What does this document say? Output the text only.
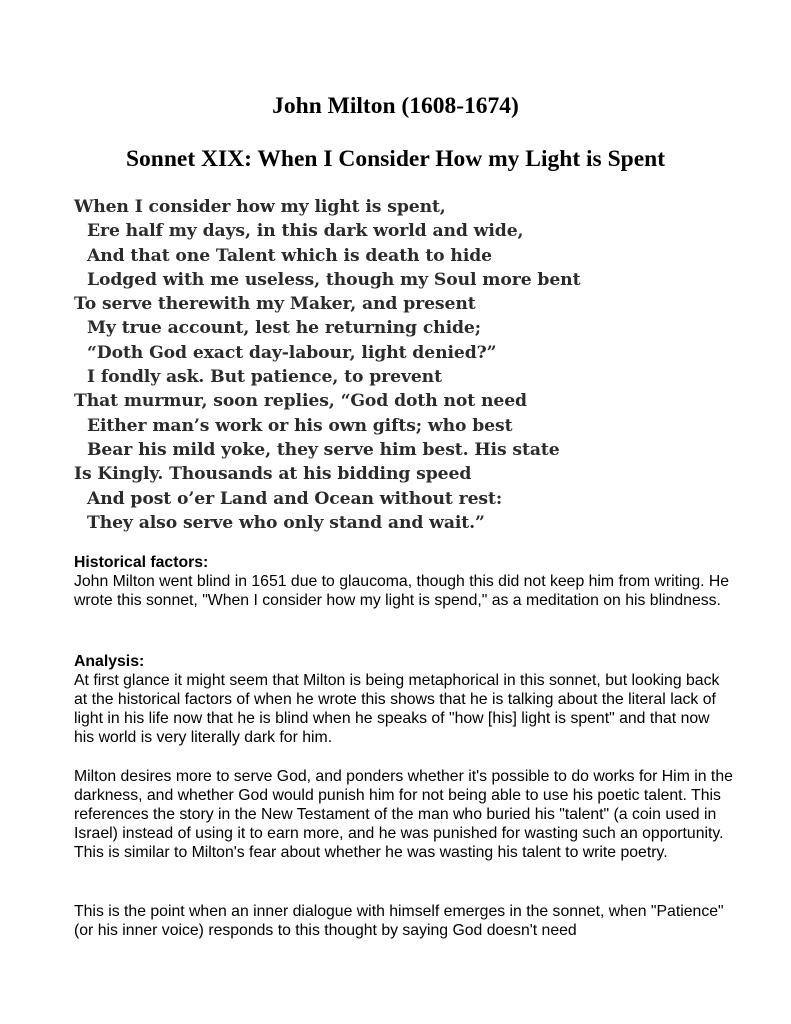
John Milton (1608-1674)
Sonnet XIX: When I Consider How my Light is Spent
When I consider how my light is spent,
Ere half my days, in this dark world and wide,
And that one Talent which is death to hide
Lodged with me useless, though my Soul more bent
To serve therewith my Maker, and present
My true account, lest he returning chide;
“Doth God exact day-labour, light denied?”
I fondly ask. But patience, to prevent
That murmur, soon replies, “God doth not need
Either man’s work or his own gifts; who best
Bear his mild yoke, they serve him best. His state
Is Kingly. Thousands at his bidding speed
And post o’er Land and Ocean without rest:
They also serve who only stand and wait.”
Historical factors:
John Milton went blind in 1651 due to glaucoma, though this did not keep him from writing. He wrote this sonnet, "When I consider how my light is spend," as a meditation on his blindness.
Analysis:
At first glance it might seem that Milton is being metaphorical in this sonnet, but looking back at the historical factors of when he wrote this shows that he is talking about the literal lack of light in his life now that he is blind when he speaks of "how [his] light is spent" and that now his world is very literally dark for him.
Milton desires more to serve God, and ponders whether it's possible to do works for Him in the darkness, and whether God would punish him for not being able to use his poetic talent. This references the story in the New Testament of the man who buried his "talent" (a coin used in Israel) instead of using it to earn more, and he was punished for wasting such an opportunity. This is similar to Milton's fear about whether he was wasting his talent to write poetry.
This is the point when an inner dialogue with himself emerges in the sonnet, when "Patience" (or his inner voice) responds to this thought by saying God doesn't need
